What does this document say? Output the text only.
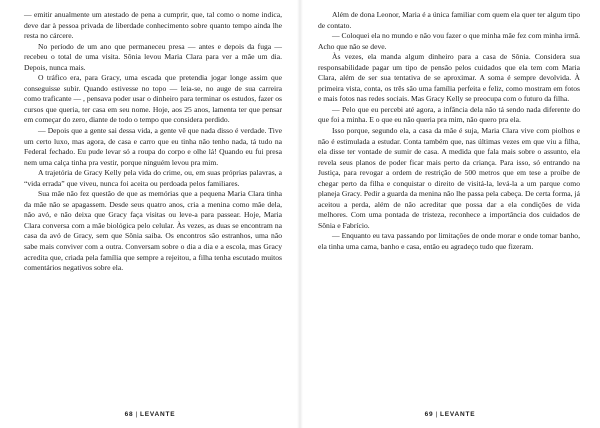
— emitir anualmente um atestado de pena a cumprir, que, tal como o nome indica, deve dar à pessoa privada de liberdade conhecimento sobre quanto tempo ainda lhe resta no cárcere.

No período de um ano que permaneceu presa — antes e depois da fuga — recebeu o total de uma visita. Sônia levou Maria Clara para ver a mãe um dia. Depois, nunca mais.

O tráfico era, para Gracy, uma escada que pretendia jogar longe assim que conseguisse subir. Quando estivesse no topo — leia-se, no auge de sua carreira como traficante — , pensava poder usar o dinheiro para terminar os estudos, fazer os cursos que queria, ter casa em seu nome. Hoje, aos 25 anos, lamenta ter que pensar em começar do zero, diante de todo o tempo que considera perdido.

— Depois que a gente sai dessa vida, a gente vê que nada disso é verdade. Tive um certo luxo, mas agora, de casa e carro que eu tinha não tenho nada, tá tudo na Federal fechado. Eu pude levar só a roupa do corpo e olhe lá! Quando eu fui presa nem uma calça tinha pra vestir, porque ninguém levou pra mim.

A trajetória de Gracy Kelly pela vida do crime, ou, em suas próprias palavras, a “vida errada” que viveu, nunca foi aceita ou perdoada pelos familiares.

Sua mãe não fez questão de que as memórias que a pequena Maria Clara tinha da mãe não se apagassem. Desde seus quatro anos, cria a menina como mãe dela, não avó, e não deixa que Gracy faça visitas ou leve-a para passear. Hoje, Maria Clara conversa com a mãe biológica pelo celular. Às vezes, as duas se encontram na casa da avó de Gracy, sem que Sônia saiba. Os encontros são estranhos, uma não sabe mais conviver com a outra. Conversam sobre o dia a dia e a escola, mas Gracy acredita que, criada pela família que sempre a rejeitou, a filha tenha escutado muitos comentários negativos sobre ela.

68 | LEVANTE

Além de dona Leonor, Maria é a única familiar com quem ela quer ter algum tipo de contato.

— Coloquei ela no mundo e não vou fazer o que minha mãe fez com minha irmã. Acho que não se deve.

Às vezes, ela manda algum dinheiro para a casa de Sônia. Considera sua responsabilidade pagar um tipo de pensão pelos cuidados que ela tem com Maria Clara, além de ser sua tentativa de se aproximar. A soma é sempre devolvida. À primeira vista, conta, os três são uma família perfeita e feliz, como mostram em fotos e mais fotos nas redes sociais. Mas Gracy Kelly se preocupa com o futuro da filha.

— Pelo que eu percebi até agora, a infância dela não tá sendo nada diferente do que foi a minha. E o que eu não queria pra mim, não quero pra ela.

Isso porque, segundo ela, a casa da mãe é suja, Maria Clara vive com piolhos e não é estimulada a estudar. Conta também que, nas últimas vezes em que viu a filha, ela disse ter vontade de sumir de casa. A medida que fala mais sobre o assunto, ela revela seus planos de poder ficar mais perto da criança. Para isso, só entrando na Justiça, para revogar a ordem de restrição de 500 metros que em tese a proíbe de chegar perto da filha e conquistar o direito de visitá-la, levá-la a um parque como planeja Gracy. Pedir a guarda da menina não lhe passa pela cabeça. De certa forma, já aceitou a perda, além de não acreditar que possa dar a ela condições de vida melhores. Com uma pontada de tristeza, reconhece a importância dos cuidados de Sônia e Fabrício.

— Enquanto eu tava passando por limitações de onde morar e onde tomar banho, ela tinha uma cama, banho e casa, então eu agradeço tudo que fizeram.

69 | LEVANTE
